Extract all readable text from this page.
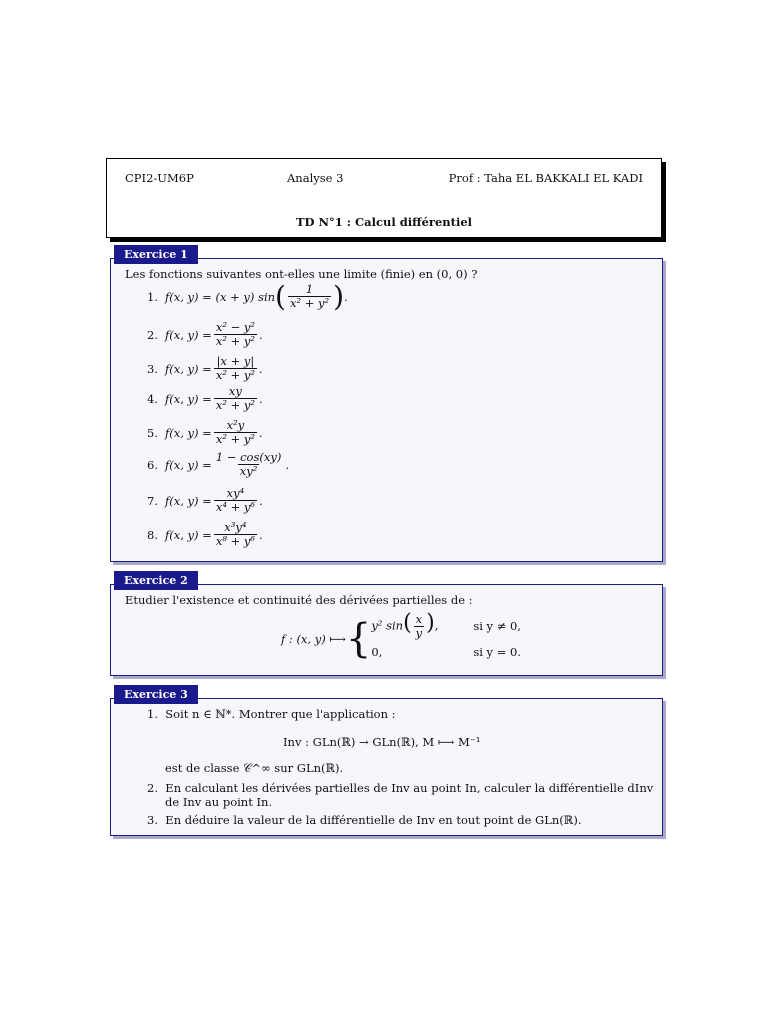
CPI2-UM6P	Analyse 3	Prof : Taha EL BAKKALI EL KADI
TD N°1 : Calcul différentiel
Les fonctions suivantes ont-elles une limite (finie) en (0, 0) ?
1. f(x, y) =
(x + y) sin ( $\frac{1}{\text{x² + y²}}$ ) .
2. f(x, $y) = \frac{\text{x² − y²}}{\text{x² + y²}}$ .
3. f(x, $y) = \frac{|x + y|}{\text{x² + y²}}$ .
4. f(x, $y) = \frac{xy}{\text{x² + y²}}$ .
5. f(x, $y) = \frac{\text{x²y}}{\text{x² + y²}}$ .
6. f(x, $y) = \frac{1 - \cos(xy)}{\text{xy²}}$ .
7. f(x, $y) = \frac{\text{xy⁴}}{\text{x⁴ + y⁶}}$ .
8. f(x, $y) = \frac{\text{x³y⁴}}{\text{x⁸ + y⁶}}$ .
Exercice 1
Etudier l'existence et continuité des dérivées partielles de :
f : (x, y) ⟼ { y² $\sin( \frac{x}{y}$ ),	si y ≠ 0,
0,	si y = 0.
Exercice 2
1. Soit n ∈ ℕ*. Montrer que l'application :
Inv : GLn(ℝ) → GLn(ℝ), M ⟼ M⁻¹
est de classe 𝒞^∞ sur GLn(ℝ).
2. En calculant les dérivées partielles de Inv au point In, calculer la différentielle dInv
de Inv au point In.
3. En déduire la valeur de la différentielle de Inv en tout point de GLn(ℝ).
Exercice 3
